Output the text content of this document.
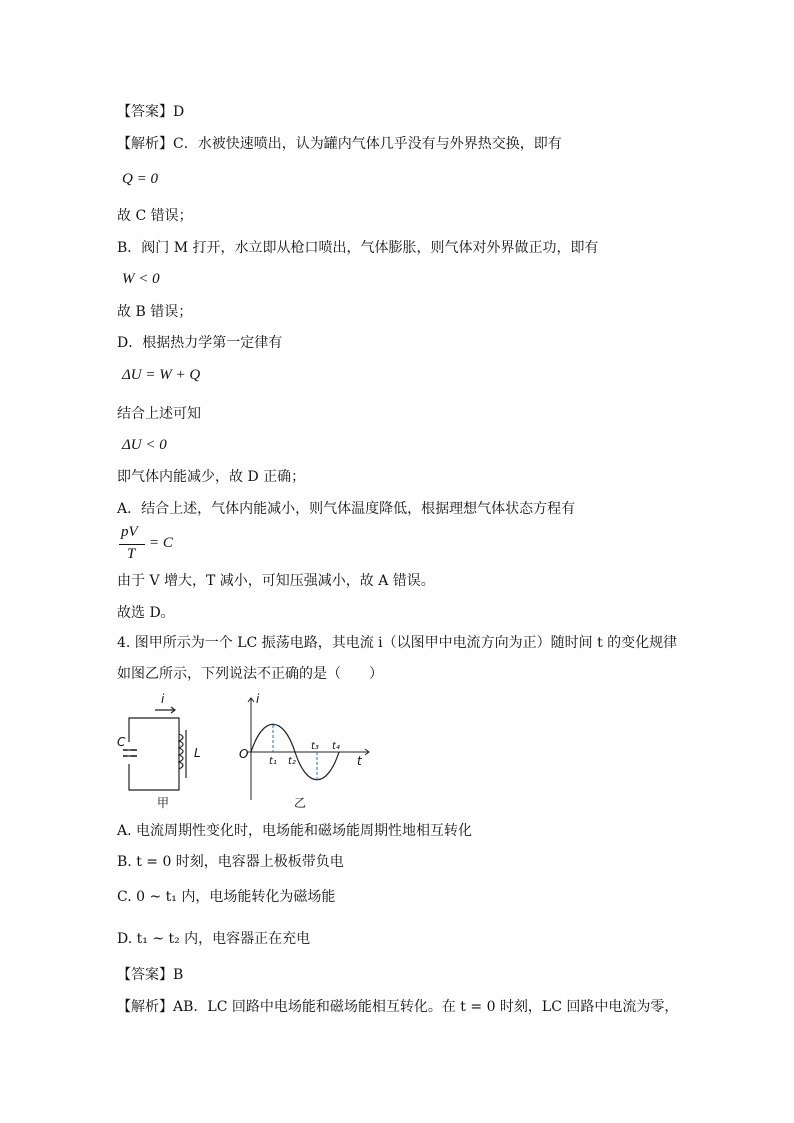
【答案】D
【解析】C．水被快速喷出，认为罐内气体几乎没有与外界热交换，即有
Q = 0
故 C 错误；
B．阀门 M 打开，水立即从枪口喷出，气体膨胀，则气体对外界做正功，即有
W < 0
故 B 错误；
D．根据热力学第一定律有
ΔU = W + Q
结合上述可知
ΔU < 0
即气体内能减少，故 D 正确；
A．结合上述，气体内能减小，则气体温度降低，根据理想气体状态方程有
pV
T
= C
由于 V 增大，T 减小，可知压强减小，故 A 错误。
故选 D。
4. 图甲所示为一个 LC 振荡电路，其电流 i（以图甲中电流方向为正）随时间 t 的变化规律
如图乙所示，下列说法不正确的是（　　）
i
C
L
甲
i
t
O
t₁ t₂
t₃ t₄
乙
A. 电流周期性变化时，电场能和磁场能周期性地相互转化
B. t = 0 时刻，电容器上极板带负电
C. 0 ~ t₁ 内，电场能转化为磁场能
D. t₁ ~ t₂ 内，电容器正在充电
【答案】B
【解析】AB．LC 回路中电场能和磁场能相互转化。在 t = 0 时刻，LC 回路中电流为零，
